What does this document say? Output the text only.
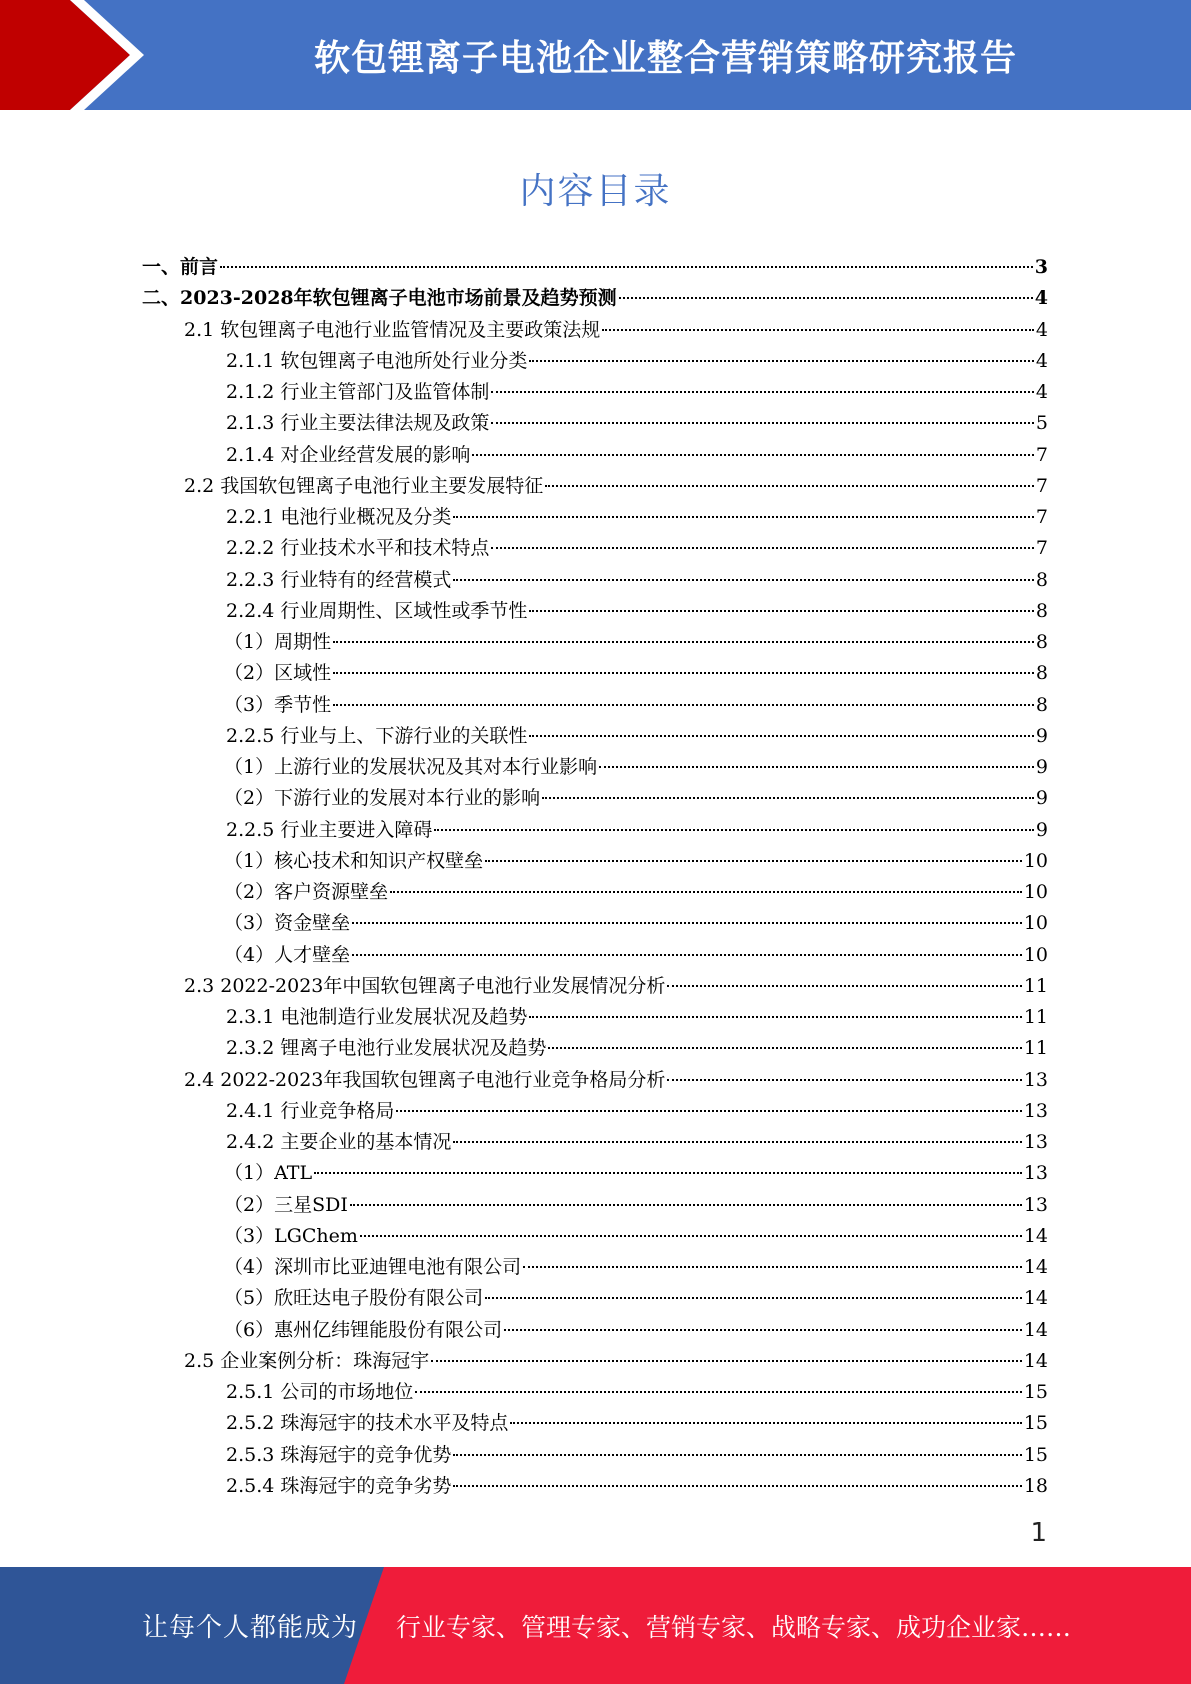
软包锂离子电池企业整合营销策略研究报告
内容目录
一、前言	3
二、2023-2028年软包锂离子电池市场前景及趋势预测	4
2.1 软包锂离子电池行业监管情况及主要政策法规	4
2.1.1 软包锂离子电池所处行业分类	4
2.1.2 行业主管部门及监管体制	4
2.1.3 行业主要法律法规及政策	5
2.1.4 对企业经营发展的影响	7
2.2 我国软包锂离子电池行业主要发展特征	7
2.2.1 电池行业概况及分类	7
2.2.2 行业技术水平和技术特点	7
2.2.3 行业特有的经营模式	8
2.2.4 行业周期性、区域性或季节性	8
（1）周期性	8
（2）区域性	8
（3）季节性	8
2.2.5 行业与上、下游行业的关联性	9
（1）上游行业的发展状况及其对本行业影响	9
（2）下游行业的发展对本行业的影响	9
2.2.5 行业主要进入障碍	9
（1）核心技术和知识产权壁垒	10
（2）客户资源壁垒	10
（3）资金壁垒	10
（4）人才壁垒	10
2.3 2022-2023年中国软包锂离子电池行业发展情况分析	11
2.3.1 电池制造行业发展状况及趋势	11
2.3.2 锂离子电池行业发展状况及趋势	11
2.4 2022-2023年我国软包锂离子电池行业竞争格局分析	13
2.4.1 行业竞争格局	13
2.4.2 主要企业的基本情况	13
（1）ATL	13
（2）三星SDI	13
（3）LGChem	14
（4）深圳市比亚迪锂电池有限公司	14
（5）欣旺达电子股份有限公司	14
（6）惠州亿纬锂能股份有限公司	14
2.5 企业案例分析：珠海冠宇	14
2.5.1 公司的市场地位	15
2.5.2 珠海冠宇的技术水平及特点	15
2.5.3 珠海冠宇的竞争优势	15
2.5.4 珠海冠宇的竞争劣势	18
1
让每个人都能成为 行业专家、管理专家、营销专家、战略专家、成功企业家……
